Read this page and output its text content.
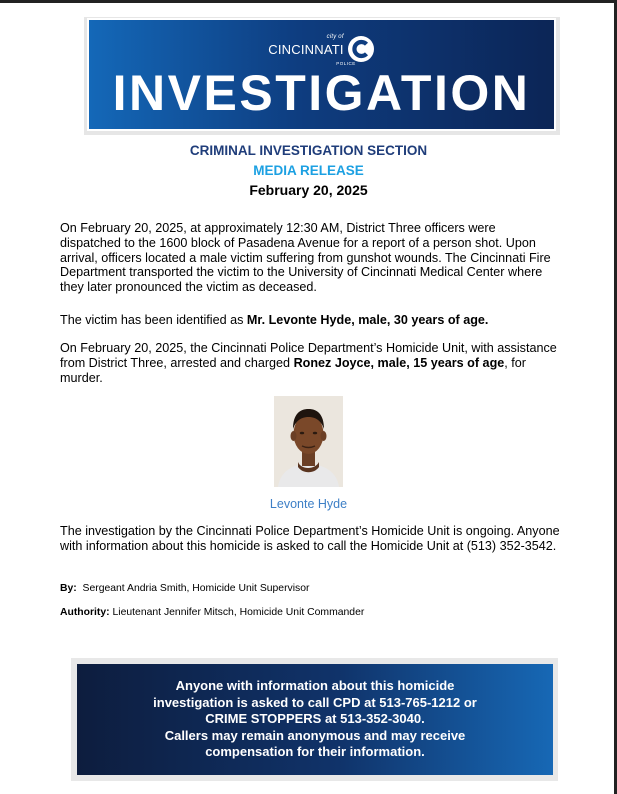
city of
CINCINNATI
POLICE
INVESTIGATION
CRIMINAL INVESTIGATION SECTION
MEDIA RELEASE
February 20, 2025
On February 20, 2025, at approximately 12:30 AM, District Three officers were dispatched to the 1600 block of Pasadena Avenue for a report of a person shot. Upon arrival, officers located a male victim suffering from gunshot wounds. The Cincinnati Fire Department transported the victim to the University of Cincinnati Medical Center where they later pronounced the victim as deceased.
The victim has been identified as Mr. Levonte Hyde, male, 30 years of age.
On February 20, 2025, the Cincinnati Police Department’s Homicide Unit, with assistance from District Three, arrested and charged Ronez Joyce, male, 15 years of age, for murder.
Levonte Hyde
The investigation by the Cincinnati Police Department’s Homicide Unit is ongoing. Anyone with information about this homicide is asked to call the Homicide Unit at (513) 352-3542.
By:  Sergeant Andria Smith, Homicide Unit Supervisor
Authority: Lieutenant Jennifer Mitsch, Homicide Unit Commander
Anyone with information about this homicide
investigation is asked to call CPD at 513-765-1212 or
CRIME STOPPERS at 513-352-3040.
Callers may remain anonymous and may receive
compensation for their information.
